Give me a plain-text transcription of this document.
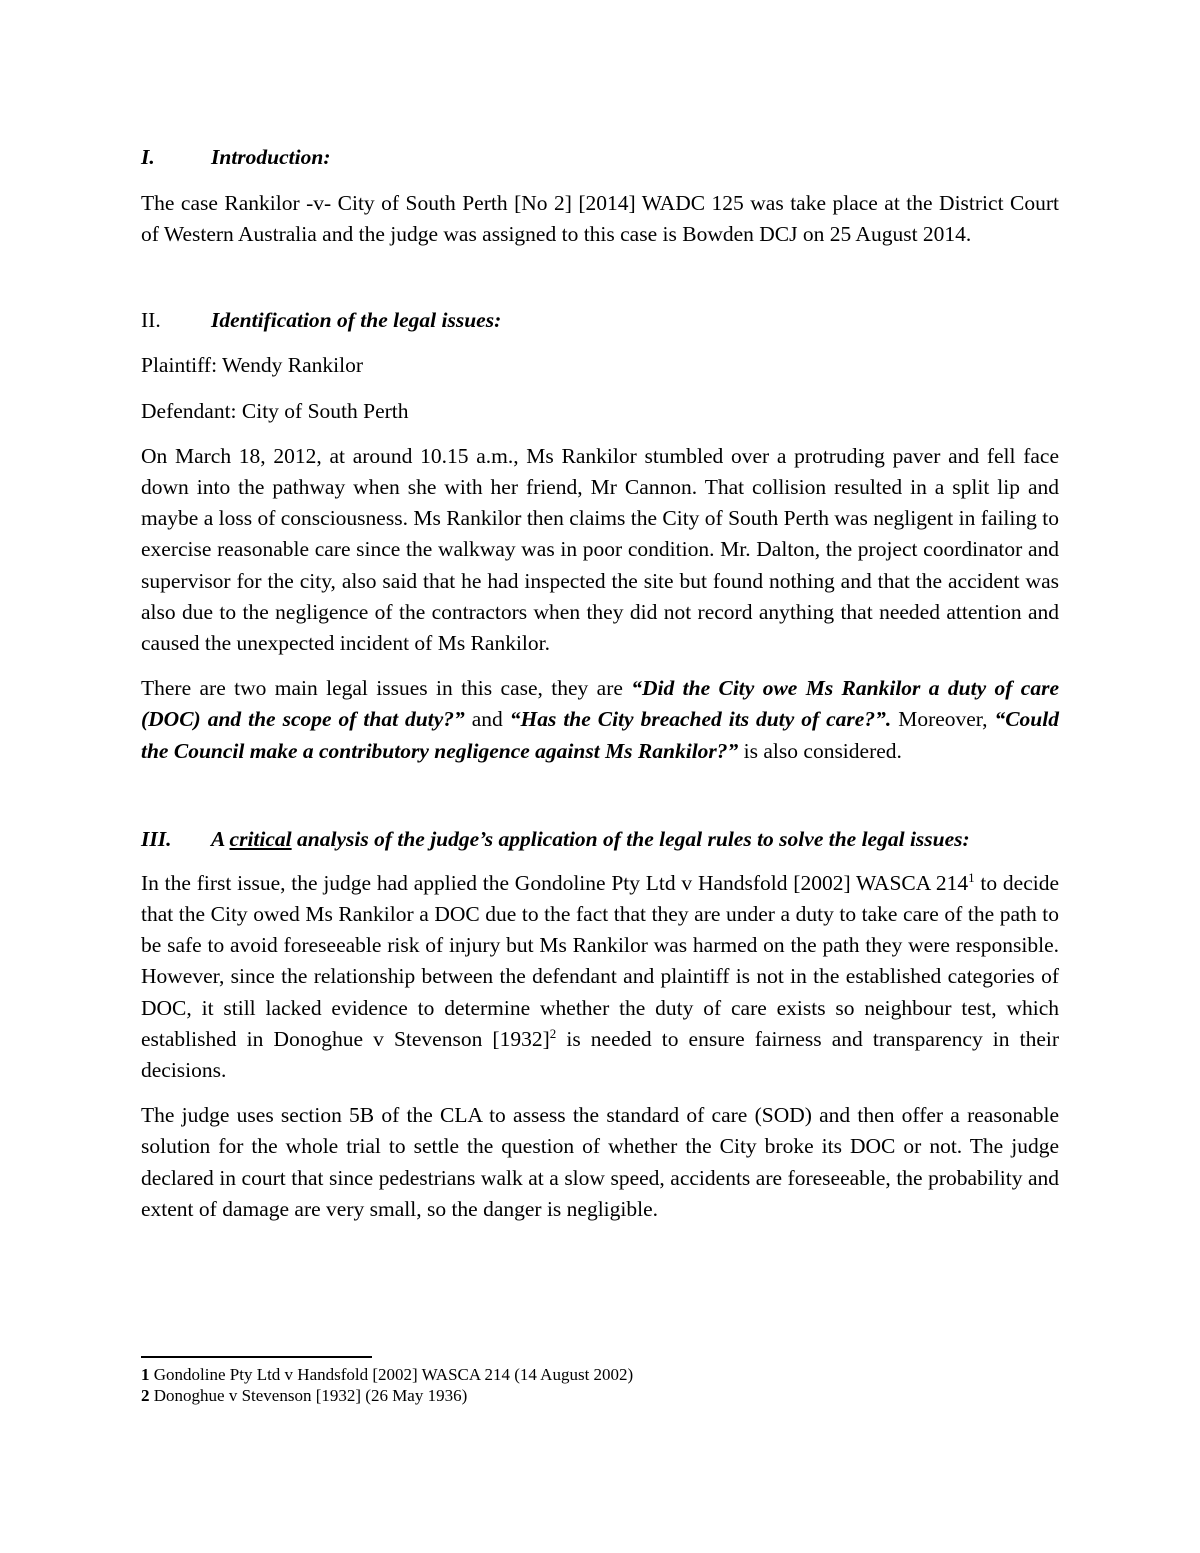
I.	Introduction:

The case Rankilor -v- City of South Perth [No 2] [2014] WADC 125 was take place at the District Court of Western Australia and the judge was assigned to this case is Bowden DCJ on 25 August 2014.

II.	Identification of the legal issues:

Plaintiff: Wendy Rankilor

Defendant: City of South Perth

On March 18, 2012, at around 10.15 a.m., Ms Rankilor stumbled over a protruding paver and fell face down into the pathway when she with her friend, Mr Cannon. That collision resulted in a split lip and maybe a loss of consciousness. Ms Rankilor then claims the City of South Perth was negligent in failing to exercise reasonable care since the walkway was in poor condition. Mr. Dalton, the project coordinator and supervisor for the city, also said that he had inspected the site but found nothing and that the accident was also due to the negligence of the contractors when they did not record anything that needed attention and caused the unexpected incident of Ms Rankilor.

There are two main legal issues in this case, they are “Did the City owe Ms Rankilor a duty of care (DOC) and the scope of that duty?” and “Has the City breached its duty of care?”. Moreover, “Could the Council make a contributory negligence against Ms Rankilor?” is also considered.

III.	A critical analysis of the judge’s application of the legal rules to solve the legal issues:

In the first issue, the judge had applied the Gondoline Pty Ltd v Handsfold [2002] WASCA $214^1$ to decide that the City owed Ms Rankilor a DOC due to the fact that they are under a duty to take care of the path to be safe to avoid foreseeable risk of injury but Ms Rankilor was harmed on the path they were responsible. However, since the relationship between the defendant and plaintiff is not in the established categories of DOC, it still lacked evidence to determine whether the duty of care exists so neighbour test, which established in Donoghue v Stevenson $[1932]^2$ is needed to ensure fairness and transparency in their decisions.

The judge uses section 5B of the CLA to assess the standard of care (SOD) and then offer a reasonable solution for the whole trial to settle the question of whether the City broke its DOC or not. The judge declared in court that since pedestrians walk at a slow speed, accidents are foreseeable, the probability and extent of damage are very small, so the danger is negligible.

1 Gondoline Pty Ltd v Handsfold [2002] WASCA 214 (14 August 2002)
2 Donoghue v Stevenson [1932] (26 May 1936)
